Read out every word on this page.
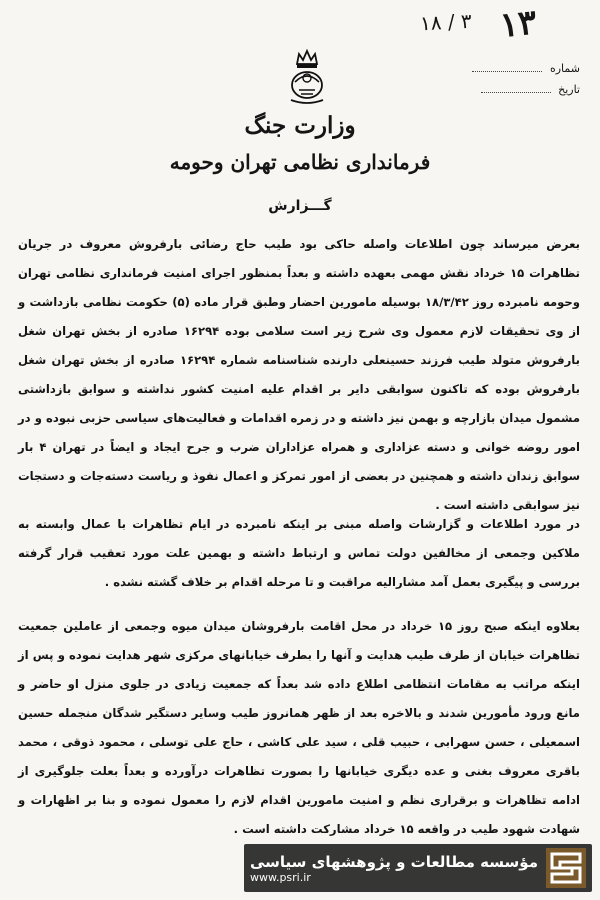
۱۸ / ۳ ۱۳
شماره
تاریخ
وزارت جنگ
فرمانداری نظامی تهران وحومه
گـــزارش
بعرض میرساند چون اطلاعات واصله حاکی بود طیب حاج رضائی بارفروش معروف در جریان تظاهرات ۱۵ خرداد نقش مهمی بعهده داشته و بعداً بمنظور اجرای امنیت فرمانداری نظامی تهران وحومه نامبرده روز ۱۸/۳/۴۲ بوسیله مامورین احضار وطبق قرار ماده (۵) حکومت نظامی بازداشت و از وی تحقیقات لازم معمول وی شرح زیر است سلامی بوده ۱۶۲۹۴ صادره از بخش تهران شغل بارفروش متولد طیب فرزند حسینعلی دارنده شناسنامه شماره ۱۶۲۹۴ صادره از بخش تهران شغل بارفروش بوده که تاکنون سوابقی دایر بر اقدام علیه امنیت کشور نداشته و سوابق بازداشتی مشمول میدان بازارچه و بهمن نیز داشته و در زمره اقدامات و فعالیت‌های سیاسی حزبی نبوده و در امور روضه خوانی و دسته عزاداری و همراه عزاداران ضرب و جرح ایجاد و ایضاً در تهران ۴ بار سوابق زندان داشته و همچنین در بعضی از امور تمرکز و اعمال نفوذ و ریاست دسته‌جات و دستجات نیز سوابقی داشته است .
در مورد اطلاعات و گزارشات واصله مبنی بر اینکه نامبرده در ایام تظاهرات با عمال وابسته به ملاکین وجمعی از مخالفین دولت تماس و ارتباط داشته و بهمین علت مورد تعقیب قرار گرفته بررسی و پیگیری بعمل آمد مشارالیه مراقبت و تا مرحله اقدام بر خلاف گشته نشده .
بعلاوه اینکه صبح روز ۱۵ خرداد در محل اقامت بارفروشان میدان میوه وجمعی از عاملین جمعیت تظاهرات خیابان از طرف طیب هدایت و آنها را بطرف خیابانهای مرکزی شهر هدایت نموده و پس از اینکه مراتب به مقامات انتظامی اطلاع داده شد بعداً که جمعیت زیادی در جلوی منزل او حاضر و مانع ورود مأمورین شدند و بالاخره بعد از ظهر همانروز طیب وسایر دستگیر شدگان منجمله حسین اسمعیلی ، حسن سهرابی ، حبیب قلی ، سید علی کاشی ، حاج علی توسلی ، محمود ذوقی ، محمد باقری معروف بغنی و عده دیگری خیابانها را بصورت تظاهرات درآورده و بعداً بعلت جلوگیری از ادامه تظاهرات و برقراری نظم و امنیت مامورین اقدام لازم را معمول نموده و بنا بر اظهارات و شهادت شهود طیب در واقعه ۱۵ خرداد مشارکت داشته است .
مؤسسه مطالعات و پژوهشهای سیاسی
www.psri.ir
